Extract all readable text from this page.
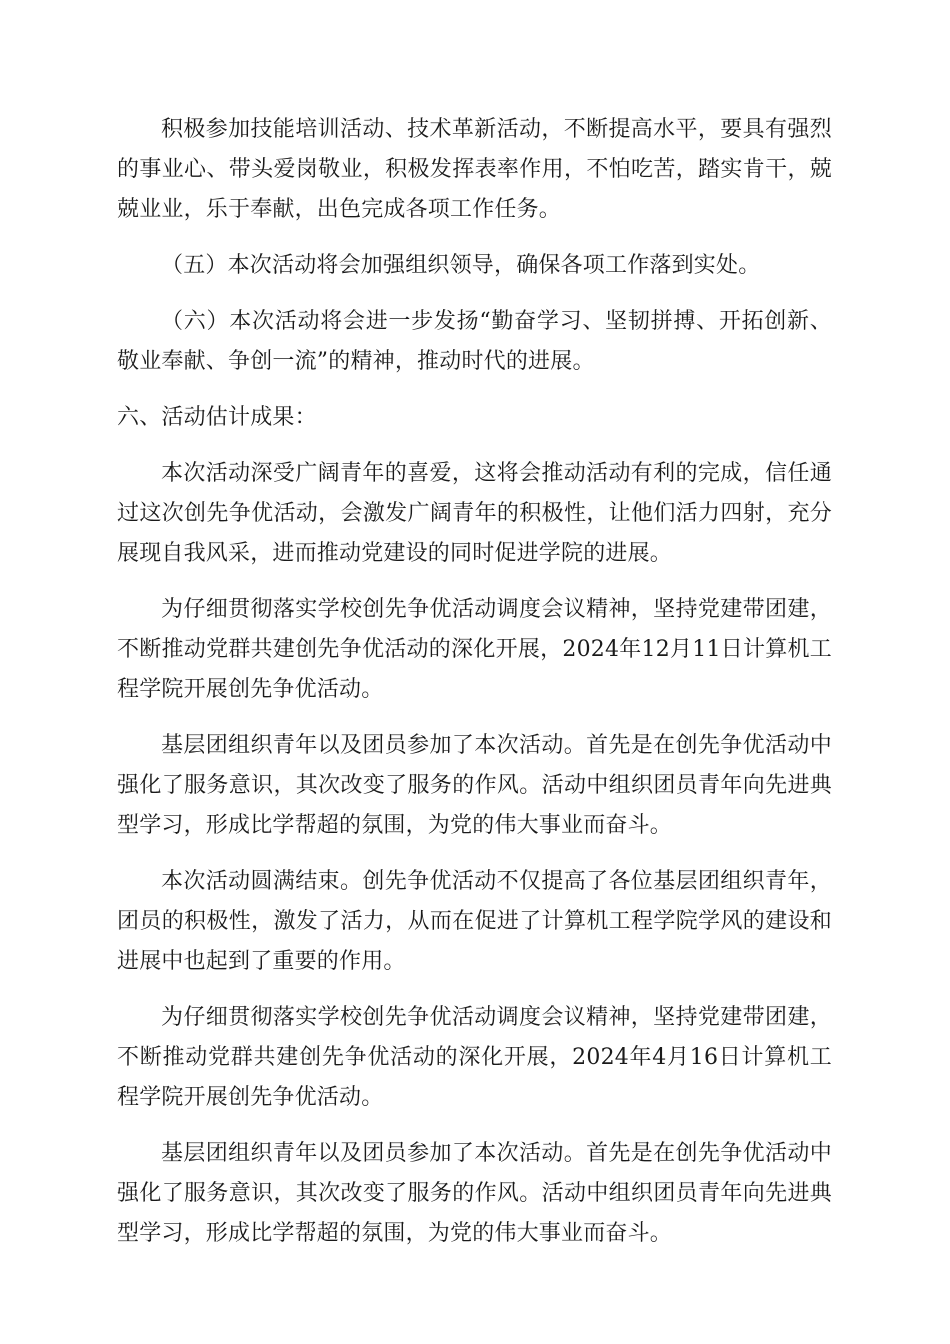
积极参加技能培训活动、技术革新活动，不断提高水平，要具有强烈的事业心、带头爱岗敬业，积极发挥表率作用，不怕吃苦，踏实肯干，兢兢业业，乐于奉献，出色完成各项工作任务。

（五）本次活动将会加强组织领导，确保各项工作落到实处。

（六）本次活动将会进一步发扬“勤奋学习、坚韧拼搏、开拓创新、敬业奉献、争创一流”的精神，推动时代的进展。

六、活动估计成果：

本次活动深受广阔青年的喜爱，这将会推动活动有利的完成，信任通过这次创先争优活动，会激发广阔青年的积极性，让他们活力四射，充分展现自我风采，进而推动党建设的同时促进学院的进展。

为仔细贯彻落实学校创先争优活动调度会议精神，坚持党建带团建，不断推动党群共建创先争优活动的深化开展，2024年12月11日计算机工程学院开展创先争优活动。

基层团组织青年以及团员参加了本次活动。首先是在创先争优活动中强化了服务意识，其次改变了服务的作风。活动中组织团员青年向先进典型学习，形成比学帮超的氛围，为党的伟大事业而奋斗。

本次活动圆满结束。创先争优活动不仅提高了各位基层团组织青年，团员的积极性，激发了活力，从而在促进了计算机工程学院学风的建设和进展中也起到了重要的作用。

为仔细贯彻落实学校创先争优活动调度会议精神，坚持党建带团建，不断推动党群共建创先争优活动的深化开展，2024年4月16日计算机工程学院开展创先争优活动。

基层团组织青年以及团员参加了本次活动。首先是在创先争优活动中强化了服务意识，其次改变了服务的作风。活动中组织团员青年向先进典型学习，形成比学帮超的氛围，为党的伟大事业而奋斗。
